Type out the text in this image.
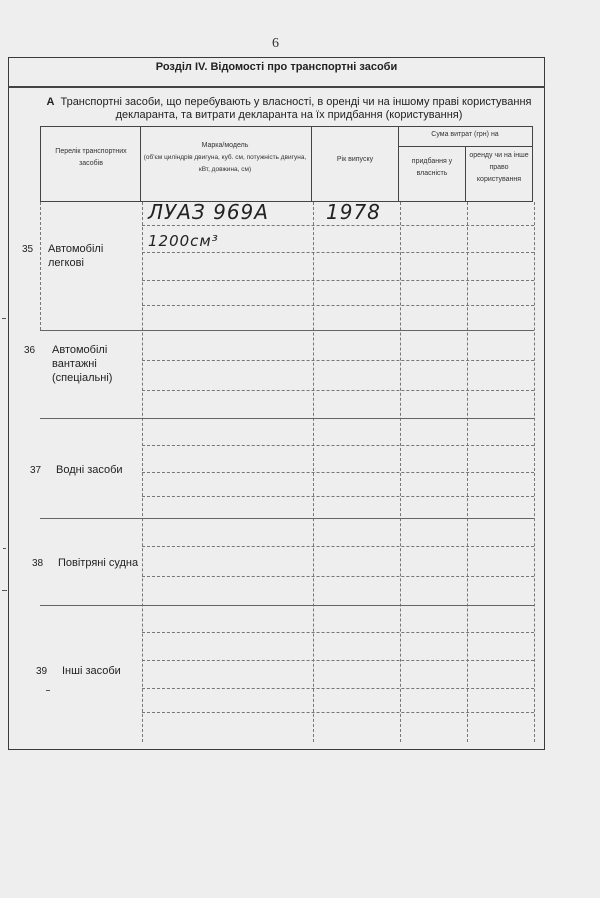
6
Розділ IV. Відомості про транспортні засоби
А Транспортні засоби, що перебувають у власності, в оренді чи на іншому праві користування
декларанта, та витрати декларанта на їх придбання (користування)
Перелік транспортних засобів
Марка/модель
(об'єм циліндрів двигуна, куб. см, потужність двигуна, кВт, довжина, см)
Рік випуску
Сума витрат (грн) на
придбання у власність
оренду чи на інше право користування
35 Автомобілі легкові
36 Автомобілі вантажні (спеціальні)
37 Водні засоби
38 Повітряні судна
39 Інші засоби
ЛУАЗ 969А
1200см³
1978
